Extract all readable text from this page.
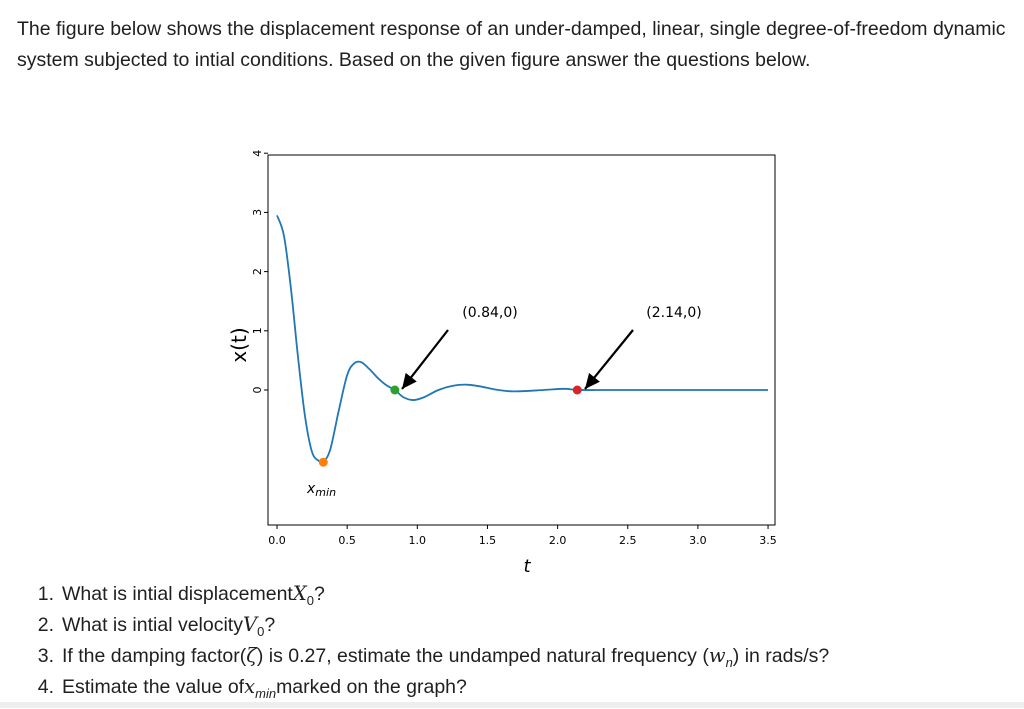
The figure below shows the displacement response of an under-damped, linear, single degree-of-freedom dynamic system subjected to intial conditions. Based on the given figure answer the questions below.

0
1
2
3
4
0.0	0.5	1.0	1.5	2.0	2.5	3.0	3.5
t
x(t)
(0.84,0)	(2.14,0)
$x_{min}$
1. What is intial displacementX$_0$?
2. What is intial velocityV$_0$?
3. If the damping factor(ζ) is 0.27, estimate the undamped natural frequency $(w_n)$ in rads/s?
4. Estimate the value ofx$_{min}$marked on the graph?
